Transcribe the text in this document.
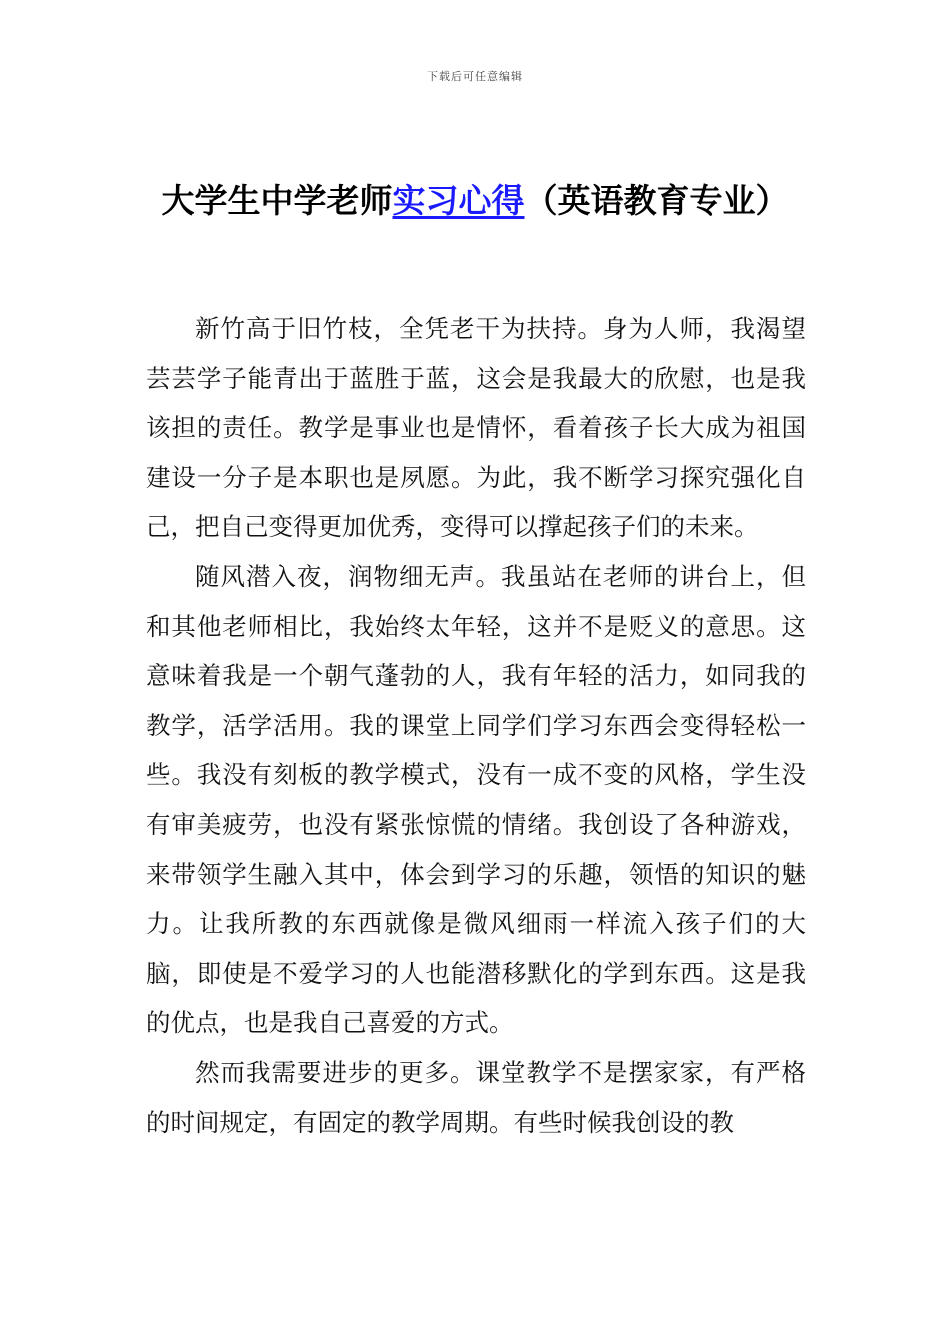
下载后可任意编辑
大学生中学老师实习心得（英语教育专业）

新竹高于旧竹枝，全凭老干为扶持。身为人师，我渴望芸芸学子能青出于蓝胜于蓝，这会是我最大的欣慰，也是我该担的责任。教学是事业也是情怀，看着孩子长大成为祖国建设一分子是本职也是夙愿。为此，我不断学习探究强化自己，把自己变得更加优秀，变得可以撑起孩子们的未来。

随风潜入夜，润物细无声。我虽站在老师的讲台上，但和其他老师相比，我始终太年轻，这并不是贬义的意思。这意味着我是一个朝气蓬勃的人，我有年轻的活力，如同我的教学，活学活用。我的课堂上同学们学习东西会变得轻松一些。我没有刻板的教学模式，没有一成不变的风格，学生没有审美疲劳，也没有紧张惊慌的情绪。我创设了各种游戏，来带领学生融入其中，体会到学习的乐趣，领悟的知识的魅力。让我所教的东西就像是微风细雨一样流入孩子们的大脑，即使是不爱学习的人也能潜移默化的学到东西。这是我的优点，也是我自己喜爱的方式。

然而我需要进步的更多。课堂教学不是摆家家，有严格的时间规定，有固定的教学周期。有些时候我创设的教
